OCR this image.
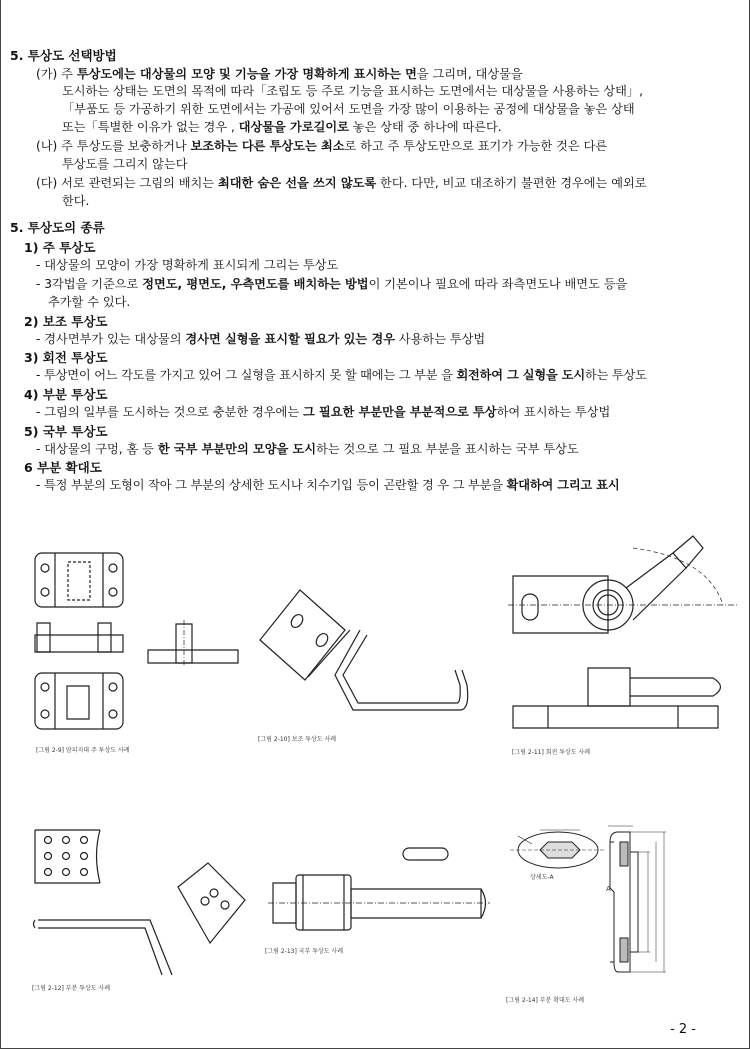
5. 투상도 선택방법
(가) 주 투상도에는 대상물의 모양 및 기능을 가장 명확하게 표시하는 면을 그리며, 대상물을
도시하는 상태는 도면의 목적에 따라「조립도 등 주로 기능을 표시하는 도면에서는 대상물을 사용하는 상태」,
「부품도 등 가공하기 위한 도면에서는 가공에 있어서 도면을 가장 많이 이용하는 공정에 대상물을 놓은 상태
또는「특별한 이유가 없는 경우 , 대상물을 가로길이로 놓은 상태 중 하나에 따른다.
(나) 주 투상도를 보충하거나 보조하는 다른 투상도는 최소로 하고 주 투상도만으로 표기가 가능한 것은 다른
투상도를 그리지 않는다
(다) 서로 관련되는 그림의 배치는 최대한 숨은 선을 쓰지 않도록 한다. 다만, 비교 대조하기 불편한 경우에는 예외로
한다.
5. 투상도의 종류
1) 주 투상도
- 대상물의 모양이 가장 명확하게 표시되게 그리는 투상도
- 3각법을 기준으로 정면도, 평면도, 우측면도를 배치하는 방법이 기본이나 필요에 따라 좌측면도나 배면도 등을
추가할 수 있다.
2) 보조 투상도
- 경사면부가 있는 대상물의 경사면 실형을 표시할 필요가 있는 경우 사용하는 투상법
3) 회전 투상도
- 투상면이 어느 각도를 가지고 있어 그 실형을 표시하지 못 할 때에는 그 부분 을 회전하여 그 실형을 도시하는 투상도
4) 부분 투상도
- 그림의 일부를 도시하는 것으로 충분한 경우에는 그 필요한 부분만을 부분적으로 투상하여 표시하는 투상법
5) 국부 투상도
- 대상물의 구멍, 홈 등 한 국부 부분만의 모양을 도시하는 것으로 그 필요 부분을 표시하는 국부 투상도
6 부분 확대도
- 특정 부분의 도형이 작아 그 부분의 상세한 도시나 치수기입 등이 곤란할 경 우 그 부분을 확대하여 그리고 표시
[그림 2-9] 암피지대 주 투상도 사례
[그림 2-10] 보조 투상도 사례
[그림 2-11] 회전 투상도 사례
[그림 2-12] 부분 투상도 사례
[그림 2-13] 국부 투상도 사례
상세도-A
A
[그림 2-14] 부분 확대도 사례
- 2 -
